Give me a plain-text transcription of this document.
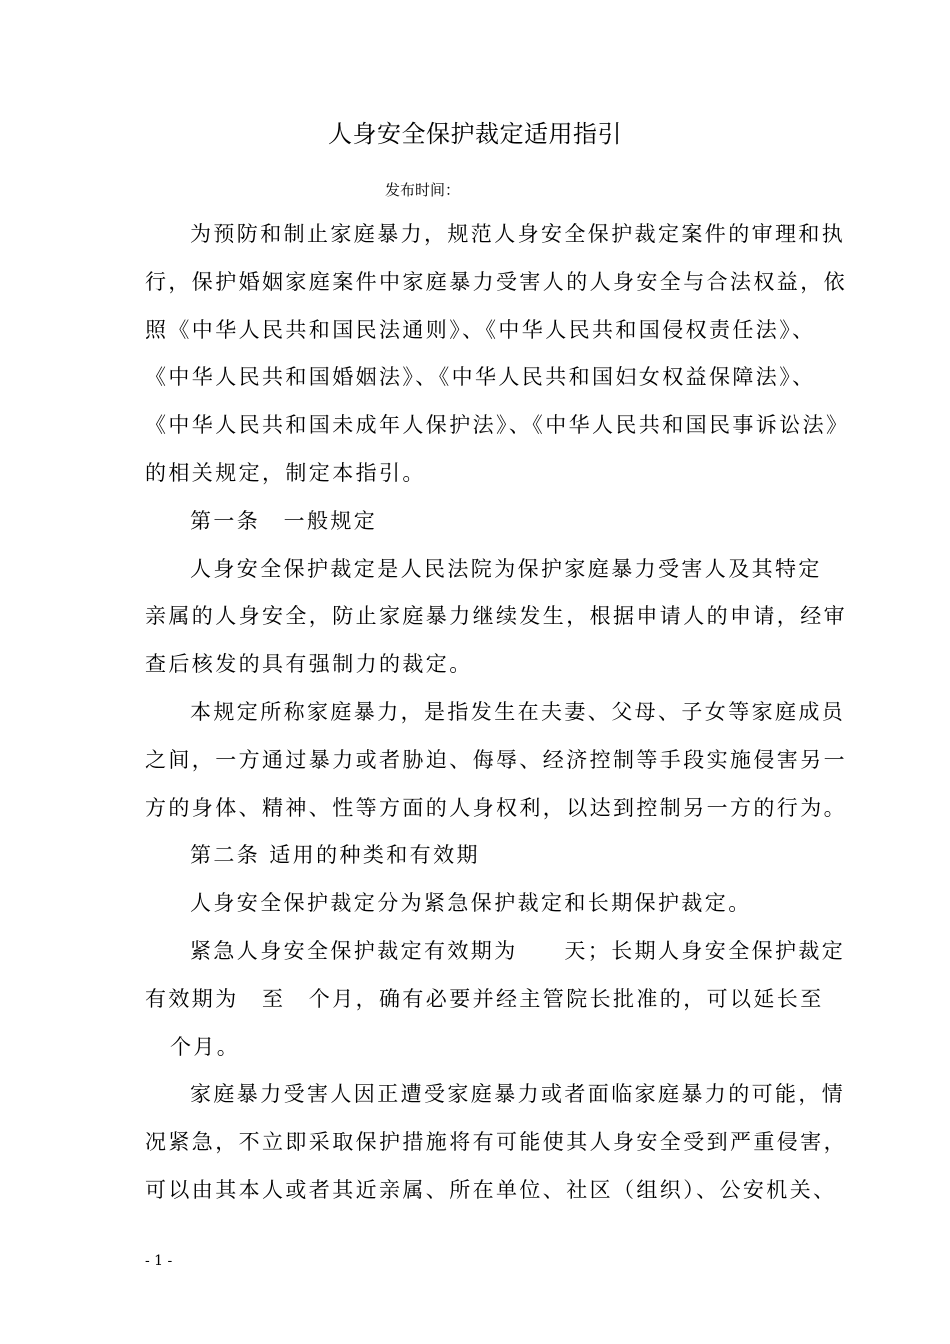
人身安全保护裁定适用指引
发布时间：
为预防和制止家庭暴力，规范人身安全保护裁定案件的审理和执
行，保护婚姻家庭案件中家庭暴力受害人的人身安全与合法权益，依
照《中华人民共和国民法通则》、《中华人民共和国侵权责任法》、
《中华人民共和国婚姻法》、《中华人民共和国妇女权益保障法》、
《中华人民共和国未成年人保护法》、《中华人民共和国民事诉讼法》
的相关规定，制定本指引。
第一条　一般规定
人身安全保护裁定是人民法院为保护家庭暴力受害人及其特定
亲属的人身安全，防止家庭暴力继续发生，根据申请人的申请，经审
查后核发的具有强制力的裁定。
本规定所称家庭暴力，是指发生在夫妻、父母、子女等家庭成员
之间，一方通过暴力或者胁迫、侮辱、经济控制等手段实施侵害另一
方的身体、精神、性等方面的人身权利，以达到控制另一方的行为。
第二条 适用的种类和有效期
人身安全保护裁定分为紧急保护裁定和长期保护裁定。
紧急人身安全保护裁定有效期为　　天；长期人身安全保护裁定
有效期为　至　个月，确有必要并经主管院长批准的，可以延长至
个月。
家庭暴力受害人因正遭受家庭暴力或者面临家庭暴力的可能，情
况紧急，不立即采取保护措施将有可能使其人身安全受到严重侵害，
可以由其本人或者其近亲属、所在单位、社区（组织）、公安机关、
- 1 -
